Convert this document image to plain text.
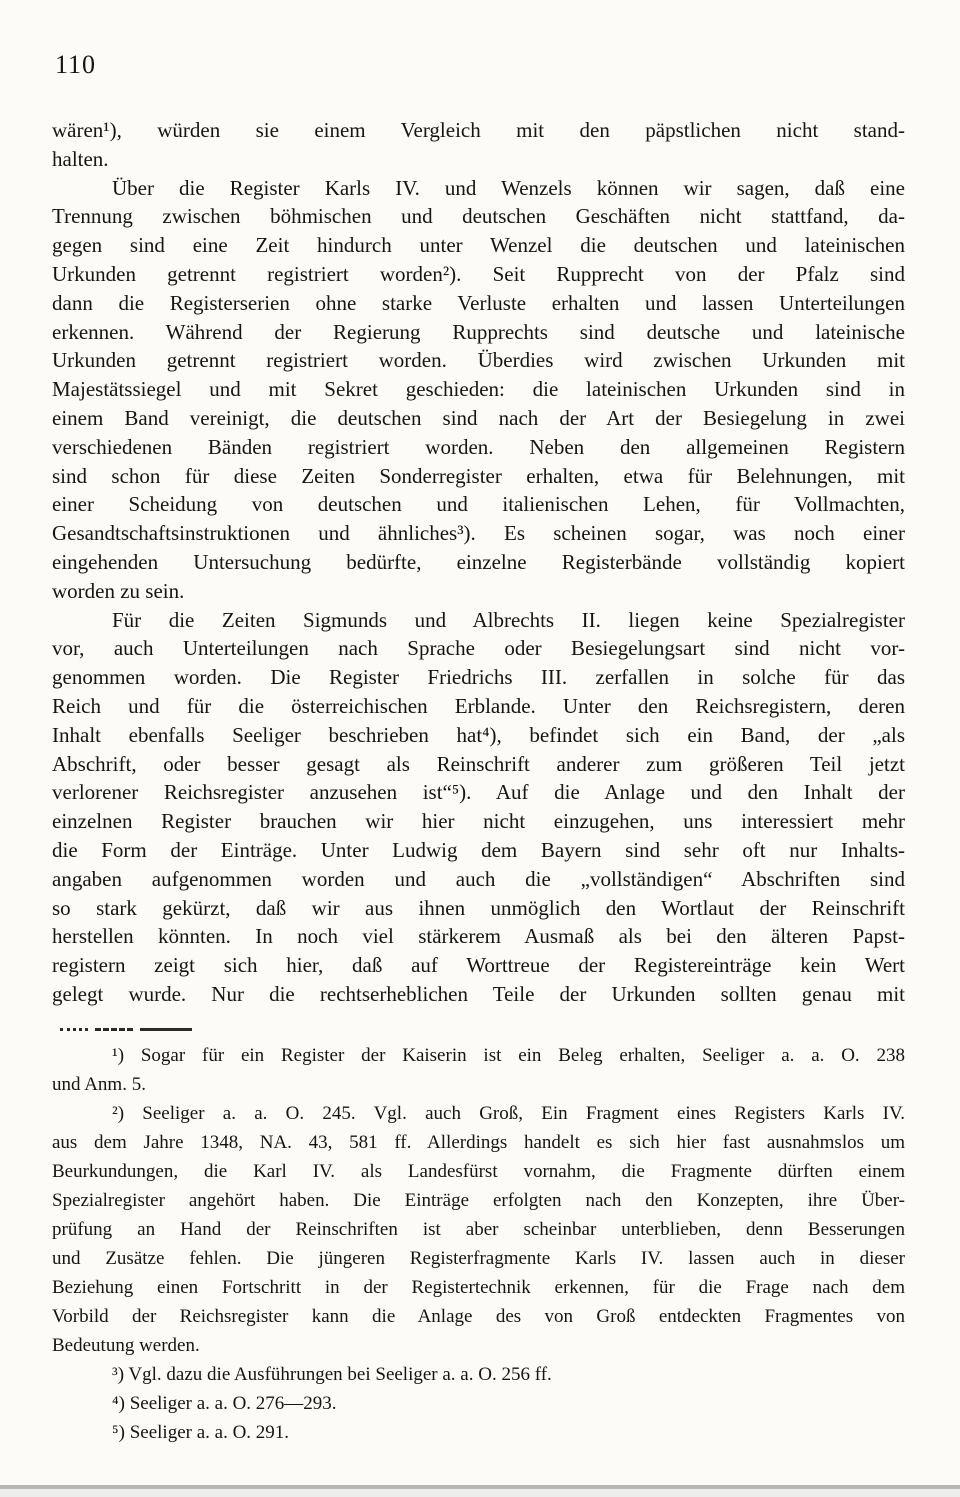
110
wären¹), würden sie einem Vergleich mit den päpstlichen nicht stand-
halten.
Über die Register Karls IV. und Wenzels können wir sagen, daß eine
Trennung zwischen böhmischen und deutschen Geschäften nicht stattfand, da-
gegen sind eine Zeit hindurch unter Wenzel die deutschen und lateinischen
Urkunden getrennt registriert worden²). Seit Rupprecht von der Pfalz sind
dann die Registerserien ohne starke Verluste erhalten und lassen Unterteilungen
erkennen. Während der Regierung Rupprechts sind deutsche und lateinische
Urkunden getrennt registriert worden. Überdies wird zwischen Urkunden mit
Majestätssiegel und mit Sekret geschieden: die lateinischen Urkunden sind in
einem Band vereinigt, die deutschen sind nach der Art der Besiegelung in zwei
verschiedenen Bänden registriert worden. Neben den allgemeinen Registern
sind schon für diese Zeiten Sonderregister erhalten, etwa für Belehnungen, mit
einer Scheidung von deutschen und italienischen Lehen, für Vollmachten,
Gesandtschaftsinstruktionen und ähnliches³). Es scheinen sogar, was noch einer
eingehenden Untersuchung bedürfte, einzelne Registerbände vollständig kopiert
worden zu sein.
Für die Zeiten Sigmunds und Albrechts II. liegen keine Spezialregister
vor, auch Unterteilungen nach Sprache oder Besiegelungsart sind nicht vor-
genommen worden. Die Register Friedrichs III. zerfallen in solche für das
Reich und für die österreichischen Erblande. Unter den Reichsregistern, deren
Inhalt ebenfalls Seeliger beschrieben hat⁴), befindet sich ein Band, der „als
Abschrift, oder besser gesagt als Reinschrift anderer zum größeren Teil jetzt
verlorener Reichsregister anzusehen ist“⁵). Auf die Anlage und den Inhalt der
einzelnen Register brauchen wir hier nicht einzugehen, uns interessiert mehr
die Form der Einträge. Unter Ludwig dem Bayern sind sehr oft nur Inhalts-
angaben aufgenommen worden und auch die „vollständigen“ Abschriften sind
so stark gekürzt, daß wir aus ihnen unmöglich den Wortlaut der Reinschrift
herstellen könnten. In noch viel stärkerem Ausmaß als bei den älteren Papst-
registern zeigt sich hier, daß auf Worttreue der Registereinträge kein Wert
gelegt wurde. Nur die rechtserheblichen Teile der Urkunden sollten genau mit
¹) Sogar für ein Register der Kaiserin ist ein Beleg erhalten, Seeliger a. a. O. 238
und Anm. 5.
²) Seeliger a. a. O. 245. Vgl. auch Groß, Ein Fragment eines Registers Karls IV.
aus dem Jahre 1348, NA. 43, 581 ff. Allerdings handelt es sich hier fast ausnahmslos um
Beurkundungen, die Karl IV. als Landesfürst vornahm, die Fragmente dürften einem
Spezialregister angehört haben. Die Einträge erfolgten nach den Konzepten, ihre Über-
prüfung an Hand der Reinschriften ist aber scheinbar unterblieben, denn Besserungen
und Zusätze fehlen. Die jüngeren Registerfragmente Karls IV. lassen auch in dieser
Beziehung einen Fortschritt in der Registertechnik erkennen, für die Frage nach dem
Vorbild der Reichsregister kann die Anlage des von Groß entdeckten Fragmentes von
Bedeutung werden.
³) Vgl. dazu die Ausführungen bei Seeliger a. a. O. 256 ff.
⁴) Seeliger a. a. O. 276—293.
⁵) Seeliger a. a. O. 291.
